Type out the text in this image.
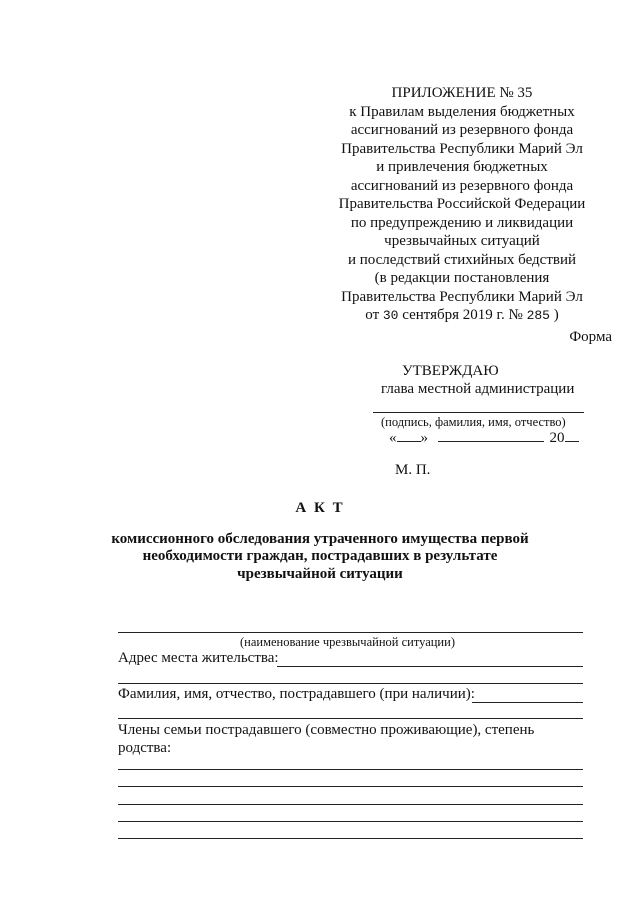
ПРИЛОЖЕНИЕ № 35
к Правилам выделения бюджетных
ассигнований из резервного фонда
Правительства Республики Марий Эл
и привлечения бюджетных
ассигнований из резервного фонда
Правительства Российской Федерации
по предупреждению и ликвидации
чрезвычайных ситуаций
и последствий стихийных бедствий
(в редакции постановления
Правительства Республики Марий Эл
от 30 сентября 2019 г. № 285 )
Форма
УТВЕРЖДАЮ
глава местной администрации
(подпись, фамилия, имя, отчество)
« »	20
М. П.
А К Т
комиссионного обследования утраченного имущества первой
необходимости граждан, пострадавших в результате
чрезвычайной ситуации
(наименование чрезвычайной ситуации)
Адрес места жительства:
Фамилия, имя, отчество, пострадавшего (при наличии):
Члены семьи пострадавшего (совместно проживающие), степень
родства:
